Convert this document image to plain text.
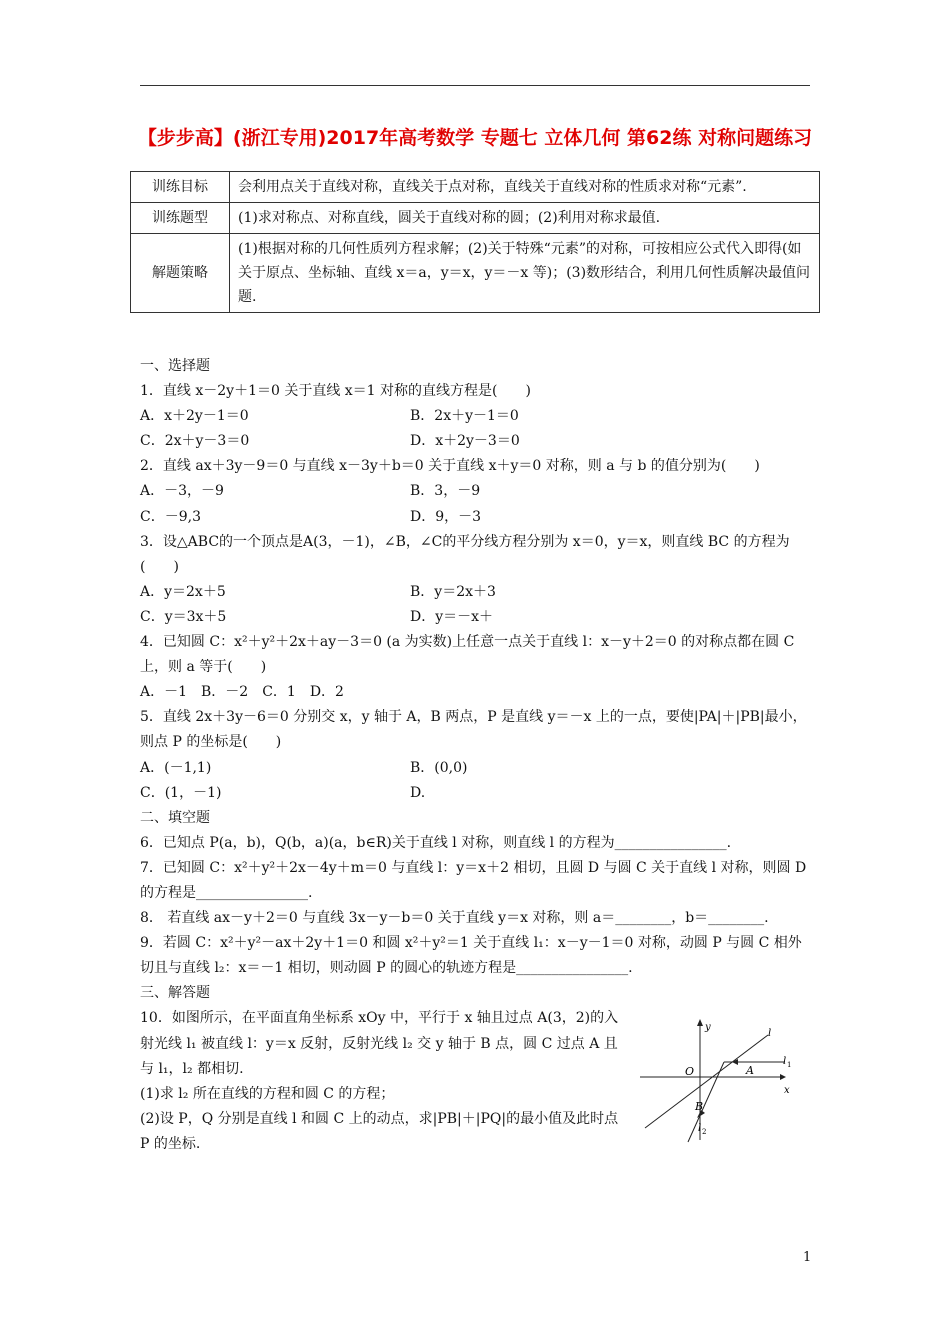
【步步高】(浙江专用)2017年高考数学 专题七 立体几何 第62练 对称问题练习
训练目标	会利用点关于直线对称，直线关于点对称，直线关于直线对称的性质求对称“元素”.
训练题型	(1)求对称点、对称直线，圆关于直线对称的圆；(2)利用对称求最值.
解题策略	(1)根据对称的几何性质列方程求解；(2)关于特殊“元素”的对称，可按相应公式代入即得(如关于原点、坐标轴、直线 x＝a，y＝x，y＝－x 等)；(3)数形结合，利用几何性质解决最值问题.
一、选择题
1．直线 x－2y＋1＝0 关于直线 x＝1 对称的直线方程是(　　)
A．x＋2y－1＝0	B．2x＋y－1＝0
C．2x＋y－3＝0	D．x＋2y－3＝0
2．直线 ax＋3y－9＝0 与直线 x－3y＋b＝0 关于直线 x＋y＝0 对称，则 a 与 b 的值分别为(　　)
A．－3，－9	B．3，－9
C．－9,3	D．9，－3
3．设△ABC的一个顶点是A(3，－1)，∠B，∠C的平分线方程分别为 x＝0，y＝x，则直线 BC 的方程为(　　)
A．y＝2x＋5	B．y＝2x＋3
C．y＝3x＋5	D．y＝－x＋
4．已知圆 C：x²＋y²＋2x＋ay－3＝0 (a 为实数)上任意一点关于直线 l：x－y＋2＝0 的对称点都在圆 C 上，则 a 等于(　　)
A．－1　B．－2　C．1　D．2
5．直线 2x＋3y－6＝0 分别交 x，y 轴于 A，B 两点，P 是直线 y＝－x 上的一点，要使|PA|＋|PB|最小，则点 P 的坐标是(　　)
A．(－1,1)	B．(0,0)
C．(1，－1)	D.
二、填空题
6．已知点 P(a，b)，Q(b，a)(a，b∈R)关于直线 l 对称，则直线 l 的方程为________________.
7．已知圆 C：x²＋y²＋2x－4y＋m＝0 与直线 l：y＝x＋2 相切，且圆 D 与圆 C 关于直线 l 对称，则圆 D 的方程是________________.
8． 若直线 ax－y＋2＝0 与直线 3x－y－b＝0 关于直线 y＝x 对称，则 a＝________，b＝________.
9．若圆 C：x²＋y²－ax＋2y＋1＝0 和圆 x²＋y²＝1 关于直线 l₁：x－y－1＝0 对称，动圆 P 与圆 C 相外切且与直线 l₂：x＝－1 相切，则动圆 P 的圆心的轨迹方程是________________.
三、解答题
10．如图所示，在平面直角坐标系 xOy 中，平行于 x 轴且过点 A(3，2)的入射光线 l₁ 被直线 l：y＝x 反射，反射光线 l₂ 交 y 轴于 B 点，圆 C 过点 A 且与 l₁，l₂ 都相切.
(1)求 l₂ 所在直线的方程和圆 C 的方程；
(2)设 P，Q 分别是直线 l 和圆 C 上的动点，求|PB|＋|PQ|的最小值及此时点 P 的坐标.
y
x
O	A
B
l
l 1
l 2
1
